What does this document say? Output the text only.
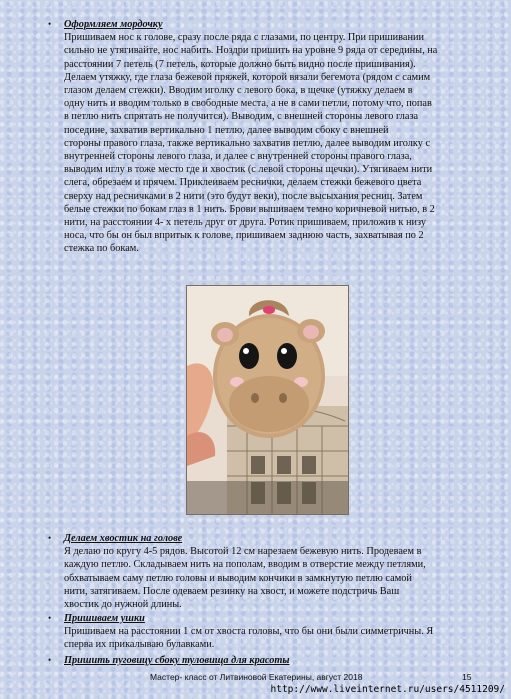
• Оформляем мордочку
Пришиваем нос к голове, сразу после ряда с глазами, по центру. При пришивании
сильно не утягивайте, нос набить. Ноздри пришить на уровне 9 ряда от середины, на
расстоянии 7 петель (7 петель, которые должно быть видно после пришивания).
Делаем утяжку, где глаза бежевой пряжей, которой вязали бегемота (рядом с самим
глазом делаем стежки). Вводим иголку с левого бока, в щечке (утяжку делаем в
одну нить и вводим только в свободные места, а не в сами петли, потому что, попав
в петлю нить спрятать не получится). Выводим, с внешней стороны левого глаза
поседине, захватив вертикально 1 петлю, далее выводим сбоку с внешней
стороны правого глаза, также вертикально захватив петлю, далее выводим иголку с
внутренней стороны левого глаза, и далее с внутренней стороны правого глаза,
выводим иглу в тоже место где и хвостик (с левой стороны щечки). Утягиваем нити
слега, обрезаем и прячем. Приклеиваем реснички, делаем стежки бежевого цвета
сверху над ресничками в 2 нити (это будут веки), после высыхания ресниц. Затем
белые стежки по бокам глаз в 1 нить. Брови вышиваем темно коричневой нитью, в 2
нити, на расстоянии 4- х петель друг от друга. Ротик пришиваем, приложив к низу
носа, что бы он был впритык к голове, пришиваем заднюю часть, захватывая по 2
стежка по бокам.
• Делаем хвостик на голове
Я делаю по кругу 4-5 рядов. Высотой 12 см нарезаем бежевую нить. Продеваем в
каждую петлю. Складываем нить на пополам, вводим в отверстие между петлями,
обхватываем саму петлю головы и выводим кончики в замкнутую петлю самой
нити, затягиваем. После одеваем резинку на хвост, и можете подстричь Ваш
хвостик до нужной длины.
• Пришиваем ушки
Пришиваем на расстоянии 1 см от хвоста головы, что бы они были симметричны. Я
сперва их прикалываю булавками.
• Пришить пуговицу сбоку туловища для красоты
Мастер- класс от Литвиновой Екатерины, август 2018	15
http://www.liveinternet.ru/users/4511209/
